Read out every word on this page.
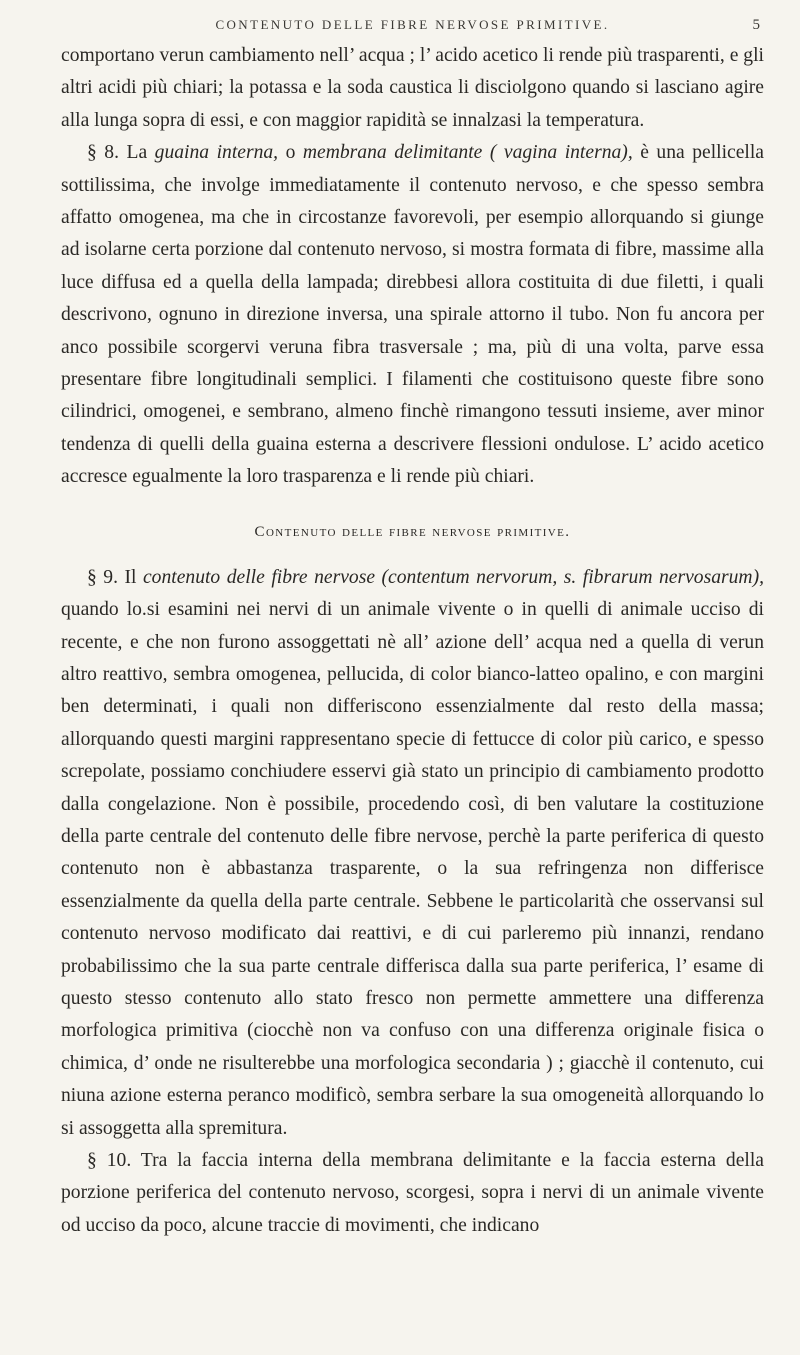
CONTENUTO DELLE FIBRE NERVOSE PRIMITIVE.	5

comportano verun cambiamento nell’ acqua ; l’ acido acetico li rende più trasparenti, e gli altri acidi più chiari; la potassa e la soda caustica li disciolgono quando si lasciano agire alla lunga sopra di essi, e con maggior rapidità se innalzasi la temperatura.

§ 8. La guaina interna, o membrana delimitante ( vagina interna), è una pellicella sottilissima, che involge immediatamente il contenuto nervoso, e che spesso sembra affatto omogenea, ma che in circostanze favorevoli, per esempio allorquando si giunge ad isolarne certa porzione dal contenuto nervoso, si mostra formata di fibre, massime alla luce diffusa ed a quella della lampada; direbbesi allora costituita di due filetti, i quali descrivono, ognuno in direzione inversa, una spirale attorno il tubo. Non fu ancora per anco possibile scorgervi veruna fibra trasversale ; ma, più di una volta, parve essa presentare fibre longitudinali semplici. I filamenti che costituisono queste fibre sono cilindrici, omogenei, e sembrano, almeno finchè rimangono tessuti insieme, aver minor tendenza di quelli della guaina esterna a descrivere flessioni ondulose. L’ acido acetico accresce egualmente la loro trasparenza e li rende più chiari.

Contenuto delle fibre nervose primitive.

§ 9. Il contenuto delle fibre nervose (contentum nervorum, s. fibrarum nervosarum), quando lo.si esamini nei nervi di un animale vivente o in quelli di animale ucciso di recente, e che non furono assoggettati nè all’ azione dell’ acqua ned a quella di verun altro reattivo, sembra omogenea, pellucida, di color bianco-latteo opalino, e con margini ben determinati, i quali non differiscono essenzialmente dal resto della massa; allorquando questi margini rappresentano specie di fettucce di color più carico, e spesso screpolate, possiamo conchiudere esservi già stato un principio di cambiamento prodotto dalla congelazione. Non è possibile, procedendo così, di ben valutare la costituzione della parte centrale del contenuto delle fibre nervose, perchè la parte periferica di questo contenuto non è abbastanza trasparente, o la sua refringenza non differisce essenzialmente da quella della parte centrale. Sebbene le particolarità che osservansi sul contenuto nervoso modificato dai reattivi, e di cui parleremo più innanzi, rendano probabilissimo che la sua parte centrale differisca dalla sua parte periferica, l’ esame di questo stesso contenuto allo stato fresco non permette ammettere una differenza morfologica primitiva (ciocchè non va confuso con una differenza originale fisica o chimica, d’ onde ne risulterebbe una morfologica secondaria ) ; giacchè il contenuto, cui niuna azione esterna peranco modificò, sembra serbare la sua omogeneità allorquando lo si assoggetta alla spremitura.

§ 10. Tra la faccia interna della membrana delimitante e la faccia esterna della porzione periferica del contenuto nervoso, scorgesi, sopra i nervi di un animale vivente od ucciso da poco, alcune traccie di movimenti, che indicano
